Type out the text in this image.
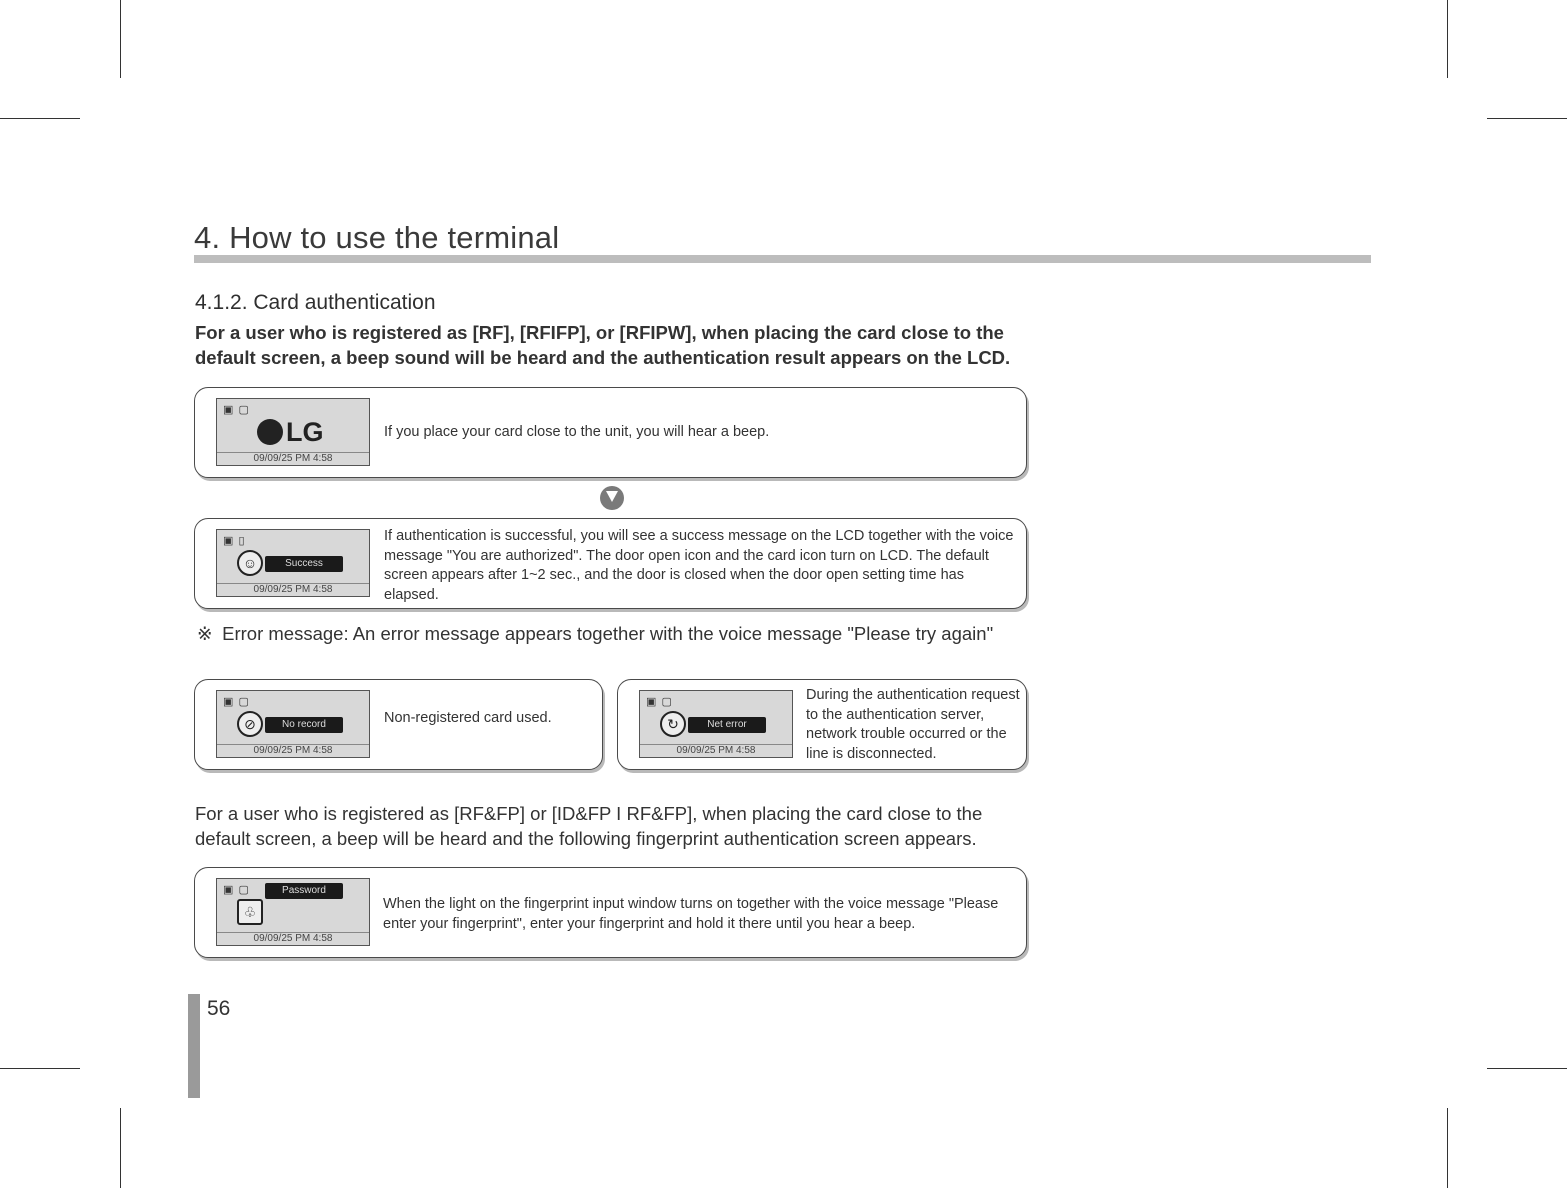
4. How to use the terminal
4.1.2. Card authentication

For a user who is registered as [RF], [RFIFP], or [RFIPW], when placing the card close to the default screen, a beep sound will be heard and the authentication result appears on the LCD.

▣ ▢
LG
09/09/25 PM 4:58
If you place your card close to the unit, you will hear a beep.
▣ ▯
☺	Success
09/09/25 PM 4:58
If authentication is successful, you will see a success message on the LCD together with the voice message "You are authorized". The door open icon and the card icon turn on LCD. The default screen appears after 1~2 sec., and the door is closed when the door open setting time has elapsed.
※ Error message: An error message appears together with the voice message "Please try again"
▣ ▢
⊘	No record
09/09/25 PM 4:58
Non-registered card used.
▣ ▢
↻	Net error
09/09/25 PM 4:58
During the authentication request to the authentication server, network trouble occurred or the line is disconnected.

For a user who is registered as [RF&FP] or [ID&FP I RF&FP], when placing the card close to the default screen, a beep will be heard and the following fingerprint authentication screen appears.

▣ ▢
♧
Password
09/09/25 PM 4:58
When the light on the fingerprint input window turns on together with the voice message "Please enter your fingerprint", enter your fingerprint and hold it there until you hear a beep.
56
